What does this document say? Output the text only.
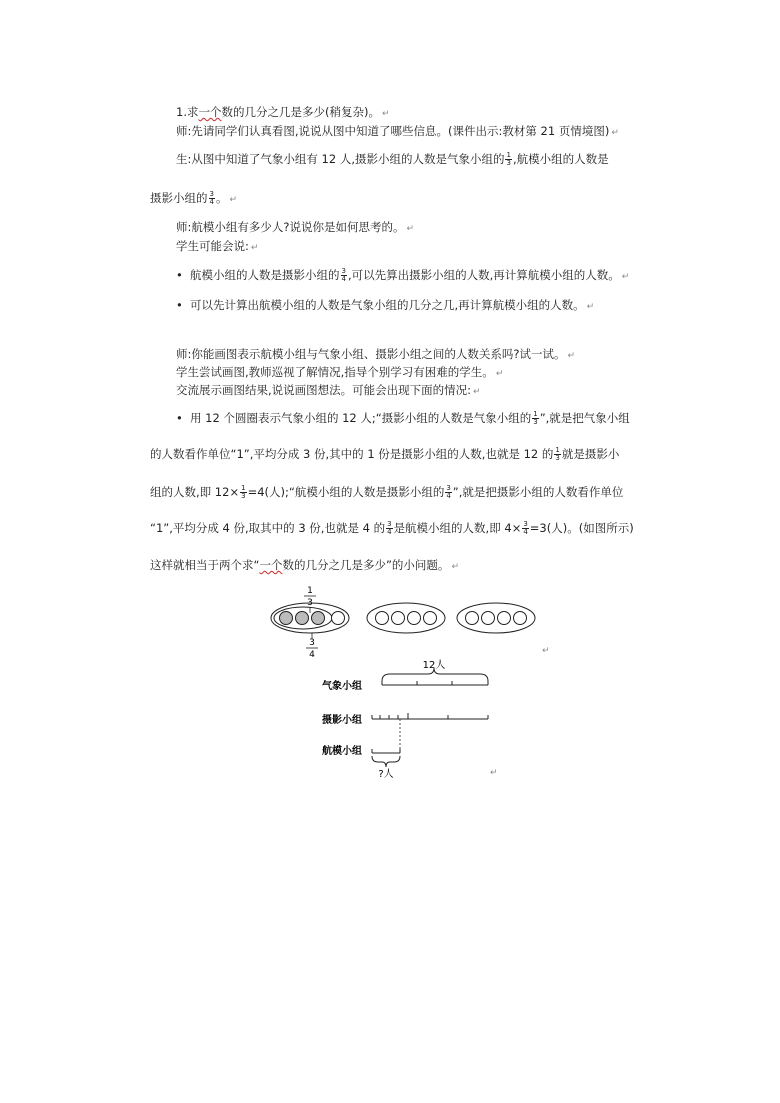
1.求一个数的几分之几是多少(稍复杂)。 ↵
师:先请同学们认真看图,说说从图中知道了哪些信息。(课件出示:教材第 21 页情境图) ↵
生:从图中知道了气象小组有 12 人,摄影小组的人数是气象小组的 $\frac{1}{3}$ ,航模小组的人数是
摄影小组的 $\frac{3}{4}$ 。 ↵
师:航模小组有多少人?说说你是如何思考的。 ↵
学生可能会说: ↵
• 航模小组的人数是摄影小组的 $\frac{3}{4}$ ,可以先算出摄影小组的人数,再计算航模小组的人数。 ↵
• 可以先计算出航模小组的人数是气象小组的几分之几,再计算航模小组的人数。 ↵
师:你能画图表示航模小组与气象小组、摄影小组之间的人数关系吗?试一试。 ↵
学生尝试画图,教师巡视了解情况,指导个别学习有困难的学生。 ↵
交流展示画图结果,说说画图想法。可能会出现下面的情况: ↵
• 用 12 个圆圈表示气象小组的 12 人;“摄影小组的人数是气象小组的 $\frac{1}{3}$ ”,就是把气象小组
的人数看作单位“1”,平均分成 3 份,其中的 1 份是摄影小组的人数,也就是 12 的 $\frac{1}{3}$ 就是摄影小
组的人数,即 $12\times \frac{1}{3} =4$(人);“航模小组的人数是摄影小组的 $\frac{3}{4}$ ”,就是把摄影小组的人数看作单位
“1”,平均分成 4 份,取其中的 3 份,也就是 4 的 $\frac{3}{4}$ 是航模小组的人数,即 $4\times \frac{3}{4} =3$(人)。(如图所示)
这样就相当于两个求“一个数的几分之几是多少”的小问题。 ↵
1
3
3
4	↵
12人
气象小组
摄影小组
航模小组
?人	↵
